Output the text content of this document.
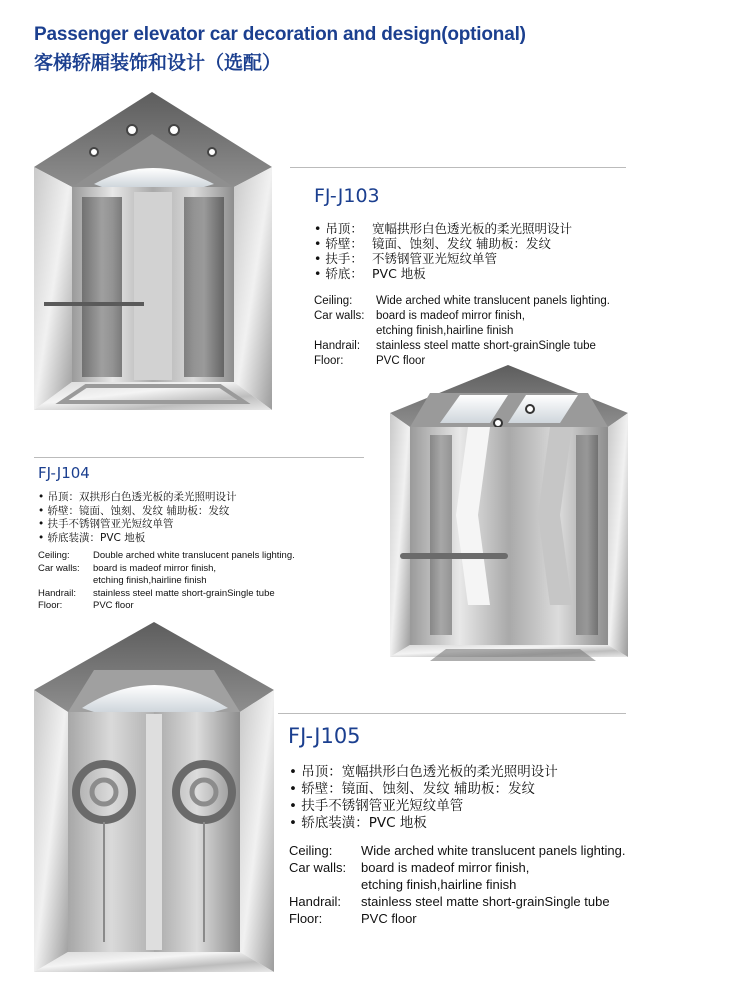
Passenger elevator car decoration and design(optional)
客梯轿厢装饰和设计（选配）
FJ-J103
• 吊顶： 宽幅拱形白色透光板的柔光照明设计
• 轿壁： 镜面、蚀刻、发纹 辅助板：发纹
• 扶手： 不锈钢管亚光短纹单管
• 轿底： PVC 地板
Ceiling:	Wide arched white translucent panels lighting.
Car walls:	board is madeof mirror finish,
etching finish,hairline finish
Handrail:	stainless steel matte short-grainSingle tube
Floor:	PVC floor
FJ-J104
• 吊顶：双拱形白色透光板的柔光照明设计
• 轿壁：镜面、蚀刻、发纹 辅助板：发纹
• 扶手不锈钢管亚光短纹单管
• 轿底装潢：PVC 地板
Ceiling:	Double arched white translucent panels lighting.
Car walls:	board is madeof mirror finish,
etching finish,hairline finish
Handrail:	stainless steel matte short-grainSingle tube
Floor:	PVC floor
FJ-J105
• 吊顶：宽幅拱形白色透光板的柔光照明设计
• 轿壁：镜面、蚀刻、发纹 辅助板：发纹
• 扶手不锈钢管亚光短纹单管
• 轿底装潢：PVC 地板
Ceiling:	Wide arched white translucent panels lighting.
Car walls:	board is madeof mirror finish,
etching finish,hairline finish
Handrail:	stainless steel matte short-grainSingle tube
Floor:	PVC floor
